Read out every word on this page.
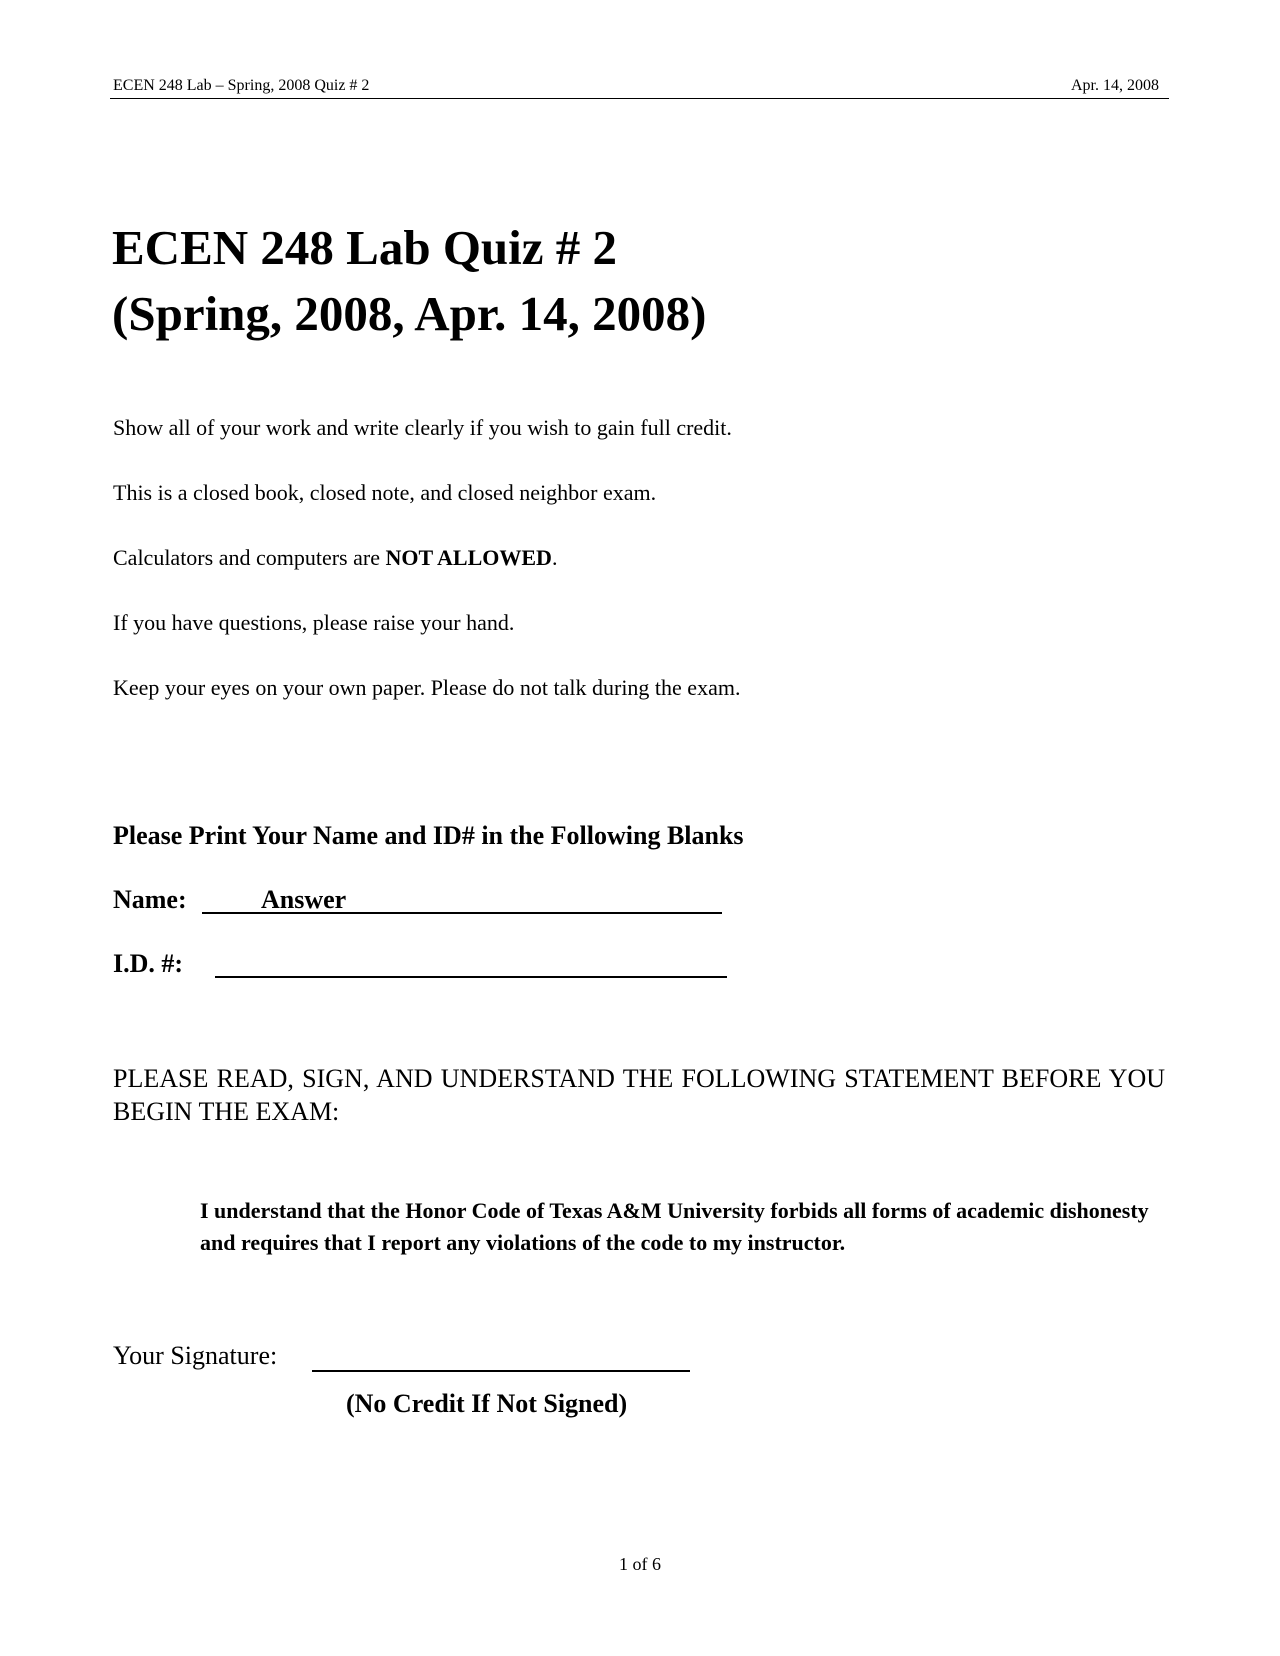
ECEN 248 Lab – Spring, 2008 Quiz # 2	Apr. 14, 2008
ECEN 248 Lab Quiz # 2
(Spring, 2008, Apr. 14, 2008)
Show all of your work and write clearly if you wish to gain full credit.
This is a closed book, closed note, and closed neighbor exam.
Calculators and computers are NOT ALLOWED.
If you have questions, please raise your hand.
Keep your eyes on your own paper. Please do not talk during the exam.
Please Print Your Name and ID# in the Following Blanks
Name:	Answer
I.D. #:
PLEASE READ, SIGN, AND UNDERSTAND THE FOLLOWING STATEMENT BEFORE YOU BEGIN THE EXAM:
I understand that the Honor Code of Texas A&M University forbids all forms of academic dishonesty and requires that I report any violations of the code to my instructor.
Your Signature:
(No Credit If Not Signed)
1 of 6
